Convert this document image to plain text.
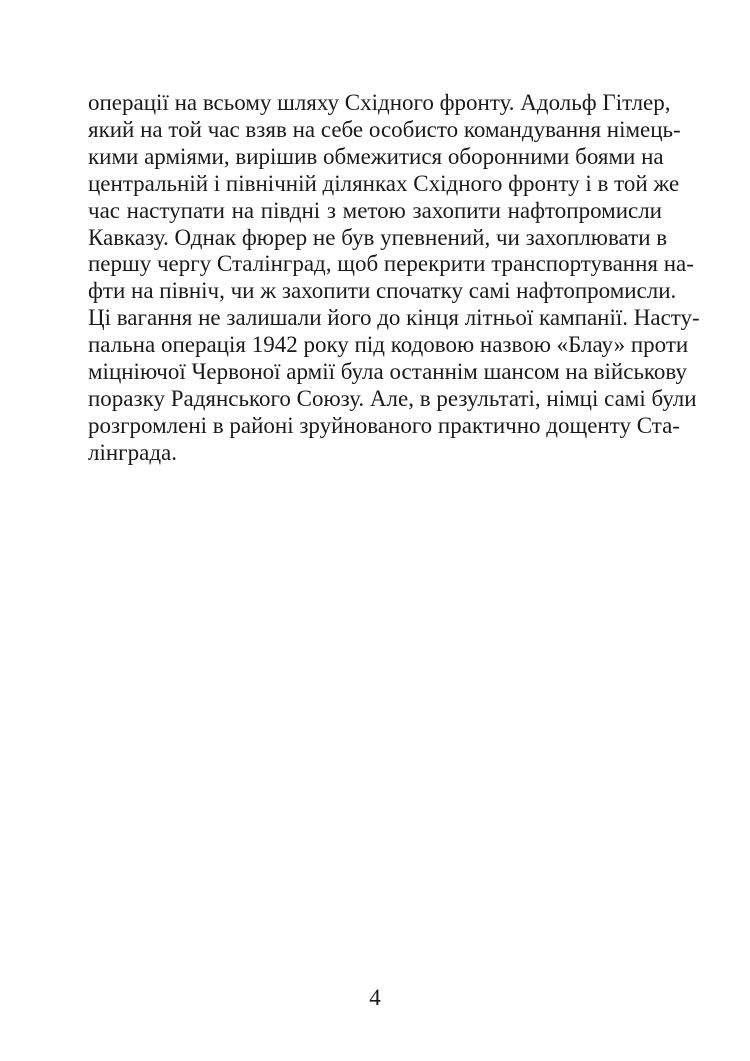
операції на всьому шляху Східного фронту. Адольф Гітлер,
який на той час взяв на себе особисто командування німець-
кими арміями, вирішив обмежитися оборонними боями на
центральній і північній ділянках Східного фронту і в той же
час наступати на півдні з метою захопити нафтопромисли
Кавказу. Однак фюрер не був упевнений, чи захоплювати в
першу чергу Сталінград, щоб перекрити транспортування на-
фти на північ, чи ж захопити спочатку самі нафтопромисли.
Ці вагання не залишали його до кінця літньої кампанії. Насту-
пальна операція 1942 року під кодовою назвою «Блау» проти
міцніючої Червоної армії була останнім шансом на військову
поразку Радянського Союзу. Але, в результаті, німці самі були
розгромлені в районі зруйнованого практично дощенту Ста-
лінграда.
4
